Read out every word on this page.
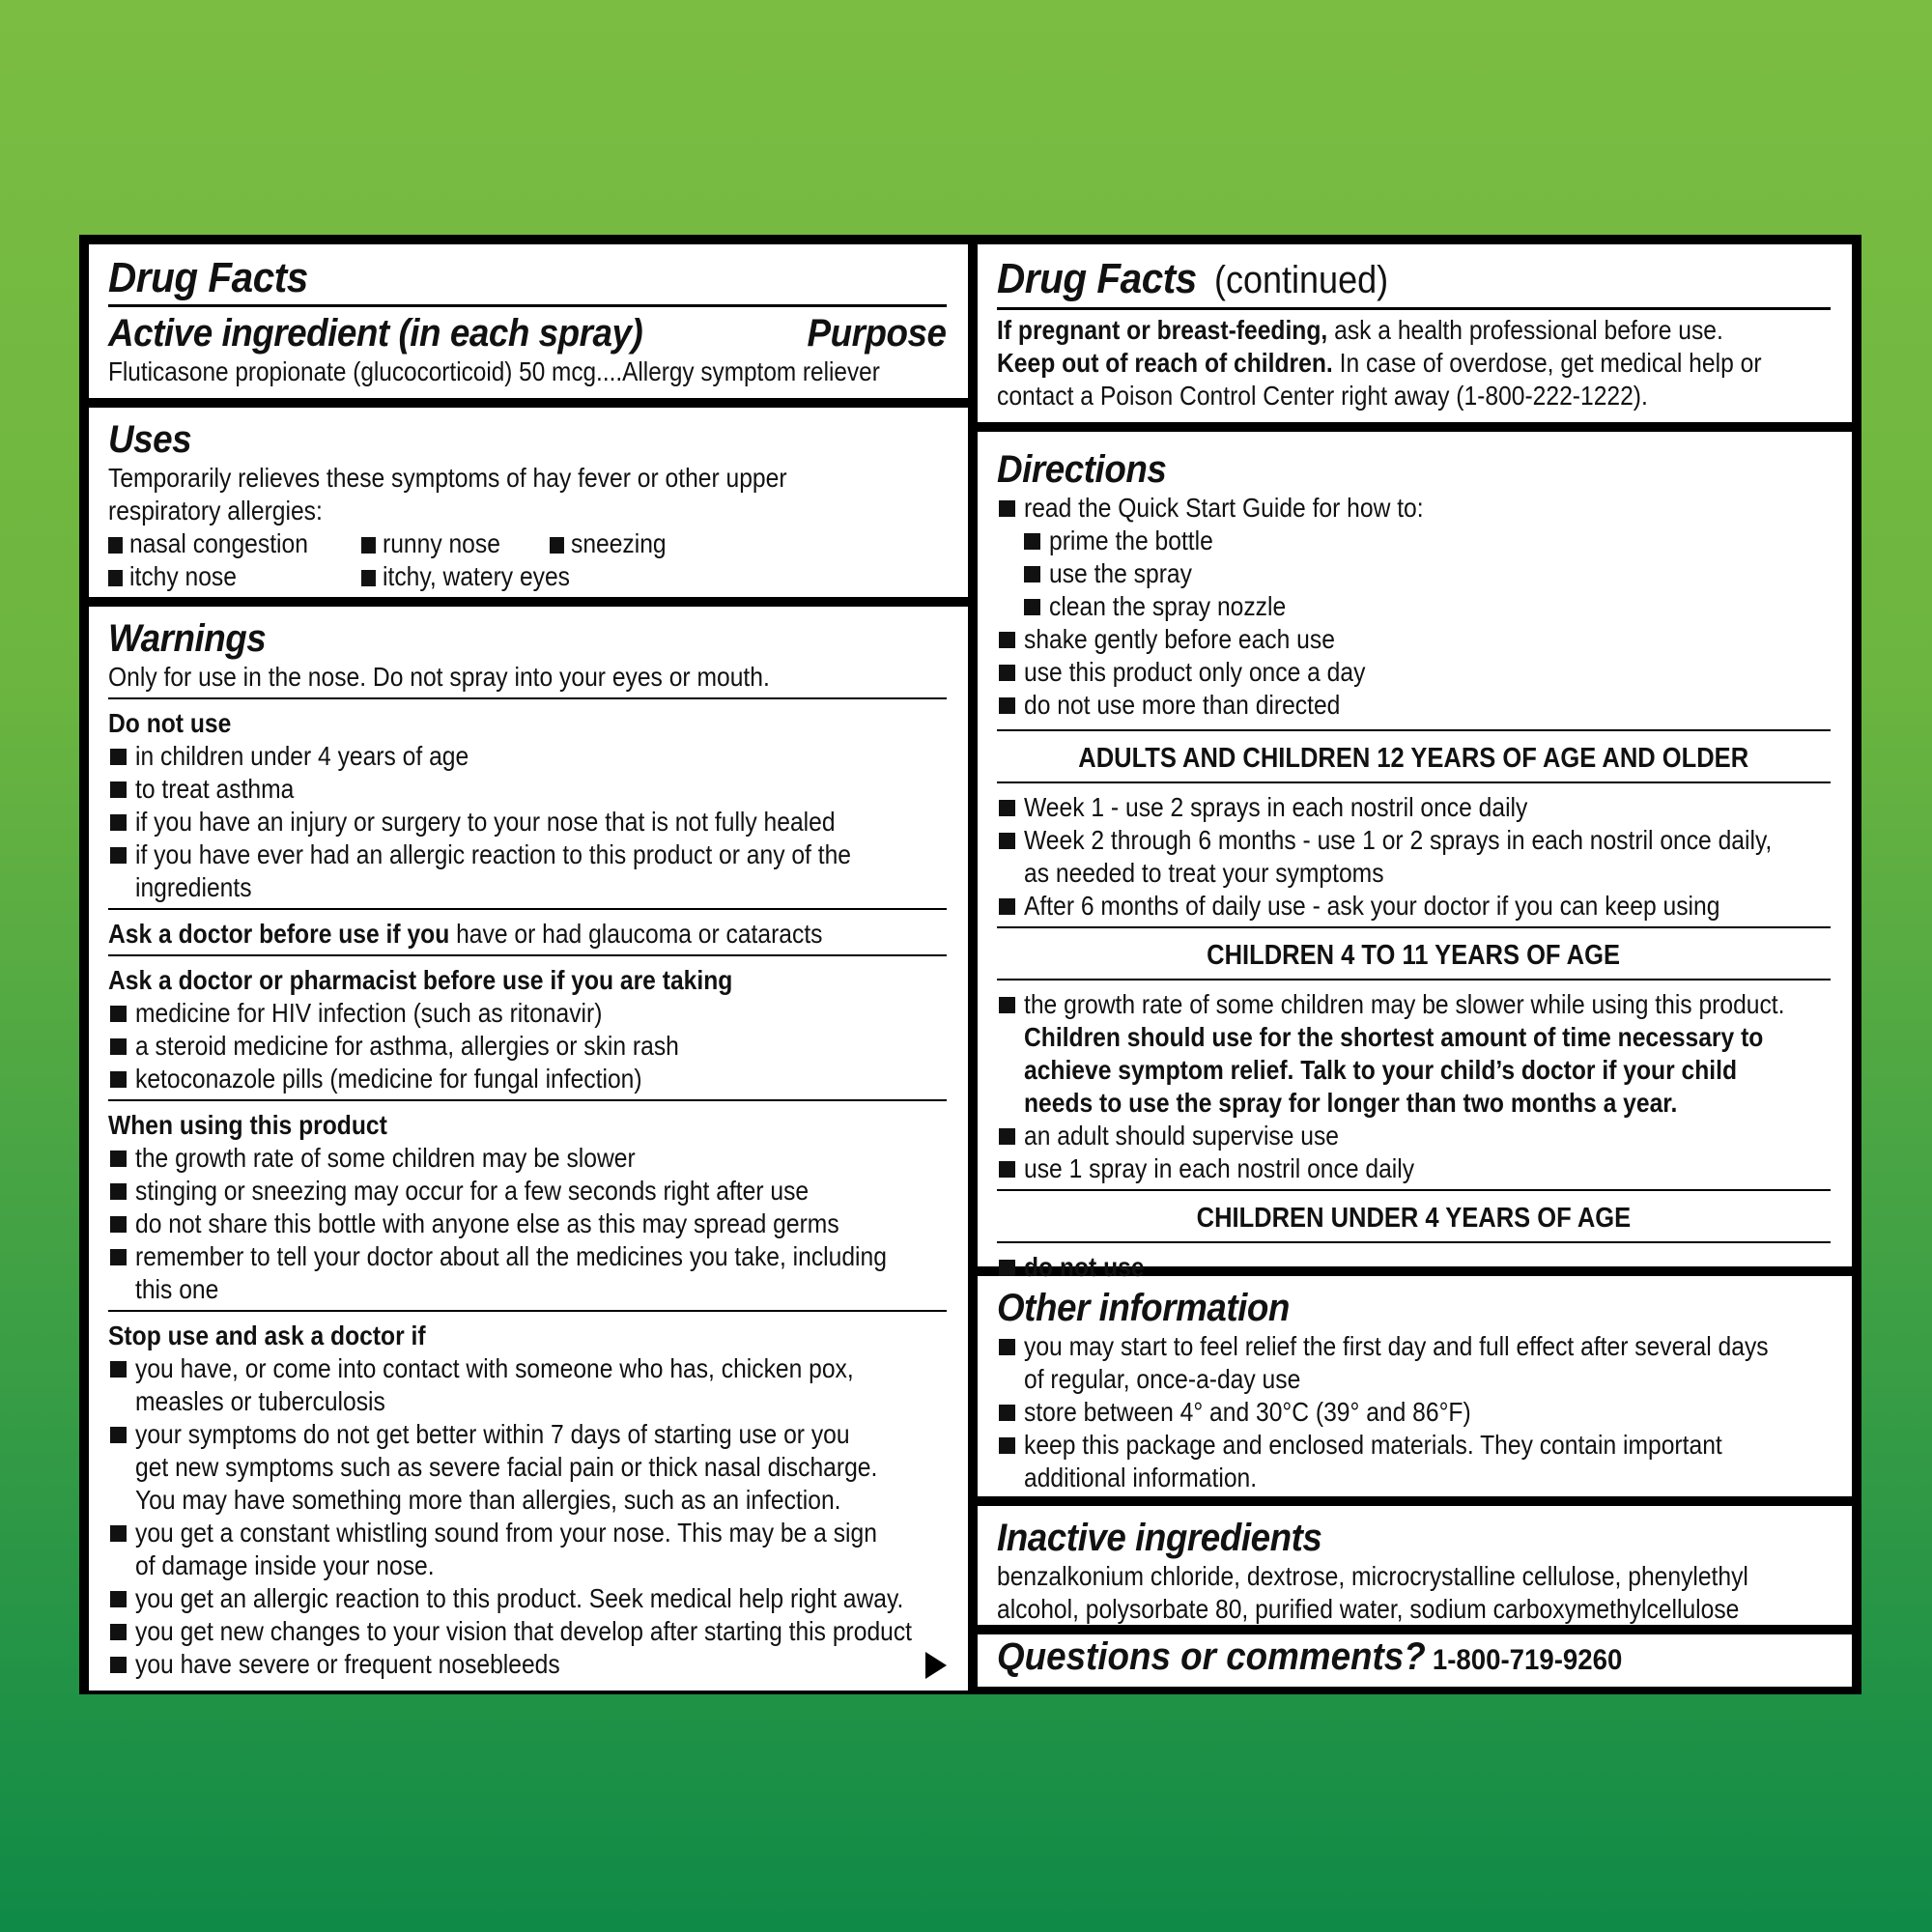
Drug Facts
Active ingredient (in each spray)	Purpose
Fluticasone propionate (glucocorticoid) 50 mcg....Allergy symptom reliever
Uses
Temporarily relieves these symptoms of hay fever or other upper
respiratory allergies:
nasal congestion	runny nose	sneezing
itchy nose	itchy, watery eyes
Warnings
Only for use in the nose. Do not spray into your eyes or mouth.
Do not use
in children under 4 years of age
to treat asthma
if you have an injury or surgery to your nose that is not fully healed
if you have ever had an allergic reaction to this product or any of the
ingredients
Ask a doctor before use if you have or had glaucoma or cataracts
Ask a doctor or pharmacist before use if you are taking
medicine for HIV infection (such as ritonavir)
a steroid medicine for asthma, allergies or skin rash
ketoconazole pills (medicine for fungal infection)
When using this product
the growth rate of some children may be slower
stinging or sneezing may occur for a few seconds right after use
do not share this bottle with anyone else as this may spread germs
remember to tell your doctor about all the medicines you take, including
this one
Stop use and ask a doctor if
you have, or come into contact with someone who has, chicken pox,
measles or tuberculosis
your symptoms do not get better within 7 days of starting use or you
get new symptoms such as severe facial pain or thick nasal discharge.
You may have something more than allergies, such as an infection.
you get a constant whistling sound from your nose. This may be a sign
of damage inside your nose.
you get an allergic reaction to this product. Seek medical help right away.
you get new changes to your vision that develop after starting this product
you have severe or frequent nosebleeds
Drug Facts(continued)
If pregnant or breast-feeding, ask a health professional before use.
Keep out of reach of children. In case of overdose, get medical help or
contact a Poison Control Center right away (1-800-222-1222).
Directions
read the Quick Start Guide for how to:
prime the bottle
use the spray
clean the spray nozzle
shake gently before each use
use this product only once a day
do not use more than directed
ADULTS AND CHILDREN 12 YEARS OF AGE AND OLDER
Week 1 - use 2 sprays in each nostril once daily
Week 2 through 6 months - use 1 or 2 sprays in each nostril once daily,
as needed to treat your symptoms
After 6 months of daily use - ask your doctor if you can keep using
CHILDREN 4 TO 11 YEARS OF AGE
the growth rate of some children may be slower while using this product.
Children should use for the shortest amount of time necessary to
achieve symptom relief. Talk to your child’s doctor if your child
needs to use the spray for longer than two months a year.
an adult should supervise use
use 1 spray in each nostril once daily
CHILDREN UNDER 4 YEARS OF AGE
do not use
Other information
you may start to feel relief the first day and full effect after several days
of regular, once-a-day use
store between 4° and 30°C (39° and 86°F)
keep this package and enclosed materials. They contain important
additional information.
Inactive ingredients
benzalkonium chloride, dextrose, microcrystalline cellulose, phenylethyl
alcohol, polysorbate 80, purified water, sodium carboxymethylcellulose
Questions or comments? 1-800-719-9260
